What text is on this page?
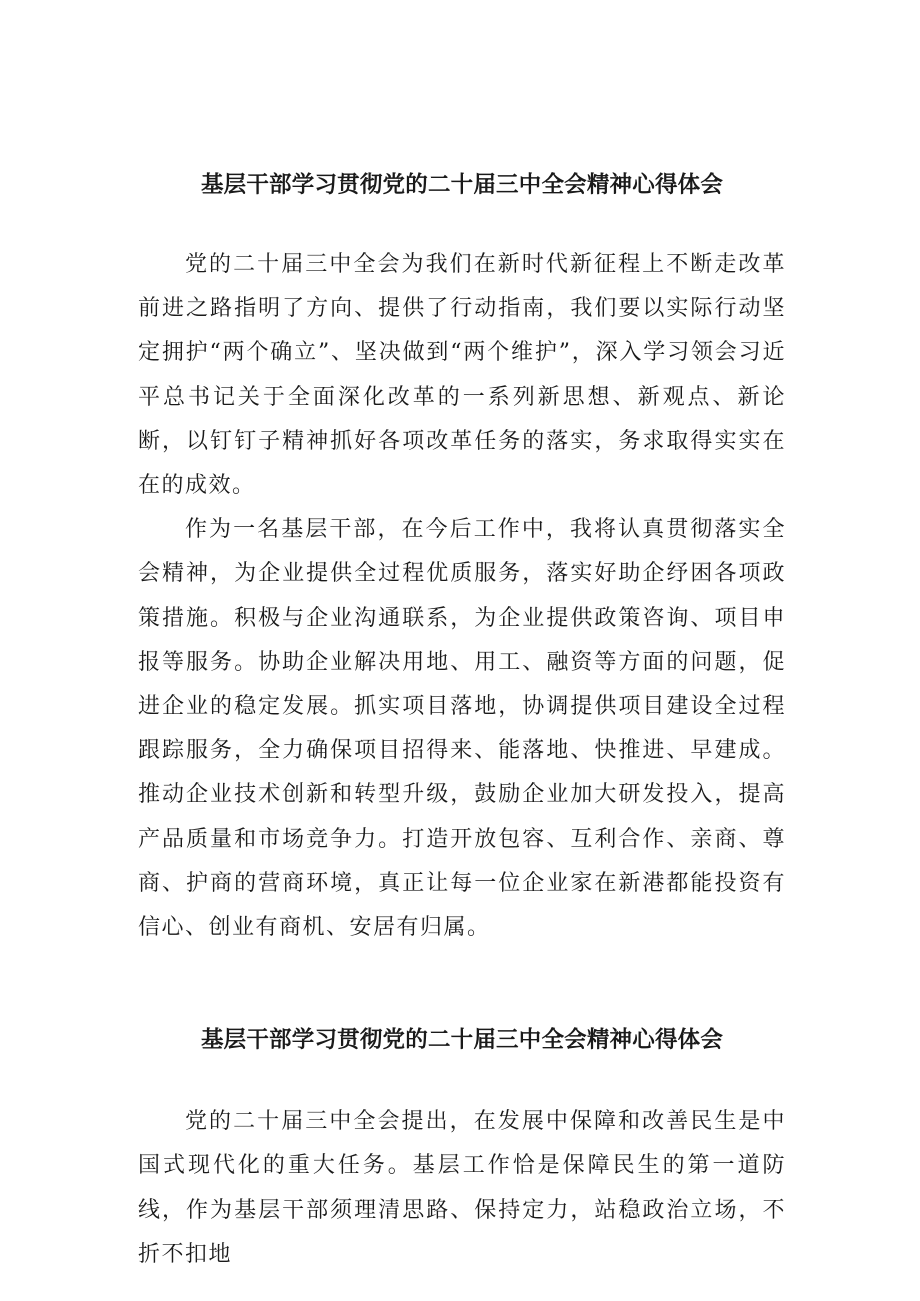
基层干部学习贯彻党的二十届三中全会精神心得体会

党的二十届三中全会为我们在新时代新征程上不断走改革前进之路指明了方向、提供了行动指南，我们要以实际行动坚定拥护“两个确立”、坚决做到“两个维护”，深入学习领会习近平总书记关于全面深化改革的一系列新思想、新观点、新论断，以钉钉子精神抓好各项改革任务的落实，务求取得实实在在的成效。

作为一名基层干部，在今后工作中，我将认真贯彻落实全会精神，为企业提供全过程优质服务，落实好助企纾困各项政策措施。积极与企业沟通联系，为企业提供政策咨询、项目申报等服务。协助企业解决用地、用工、融资等方面的问题，促进企业的稳定发展。抓实项目落地，协调提供项目建设全过程跟踪服务，全力确保项目招得来、能落地、快推进、早建成。推动企业技术创新和转型升级，鼓励企业加大研发投入，提高产品质量和市场竞争力。打造开放包容、互利合作、亲商、尊商、护商的营商环境，真正让每一位企业家在新港都能投资有信心、创业有商机、安居有归属。

基层干部学习贯彻党的二十届三中全会精神心得体会

党的二十届三中全会提出，在发展中保障和改善民生是中国式现代化的重大任务。基层工作恰是保障民生的第一道防线，作为基层干部须理清思路、保持定力，站稳政治立场，不折不扣地
